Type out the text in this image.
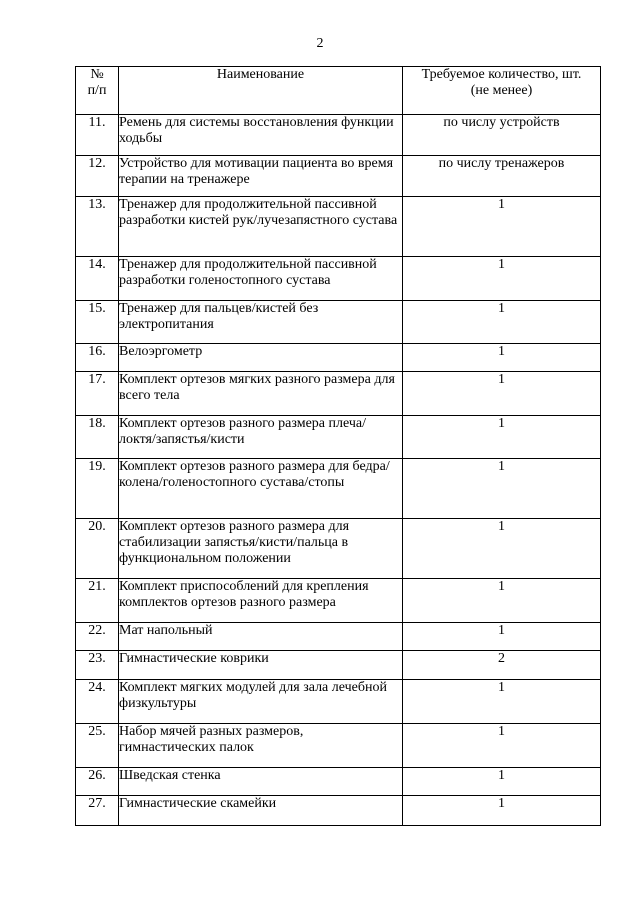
2
№ п/п	Наименование	Требуемое количество, шт. (не менее)

11.	Ремень для системы восстановления функции ходьбы	по числу устройств
12.	Устройство для мотивации пациента во время терапии на тренажере	по числу тренажеров
13.	Тренажер для продолжительной пассивной разработки кистей рук/лучезапястного сустава	1
14.	Тренажер для продолжительной пассивной разработки голеностопного сустава	1
15.	Тренажер для пальцев/кистей без электропитания	1
16.	Велоэргометр	1
17.	Комплект ортезов мягких разного размера для всего тела	1
18.	Комплект ортезов разного размера плеча/локтя/запястья/кисти	1
19.	Комплект ортезов разного размера для бедра/колена/голеностопного сустава/стопы	1
20.	Комплект ортезов разного размера для стабилизации запястья/кисти/пальца в функциональном положении	1
21.	Комплект приспособлений для крепления комплектов ортезов разного размера	1
22.	Мат напольный	1
23.	Гимнастические коврики	2
24.	Комплект мягких модулей для зала лечебной физкультуры	1
25.	Набор мячей разных размеров, гимнастических палок	1
26.	Шведская стенка	1
27.	Гимнастические скамейки	1
